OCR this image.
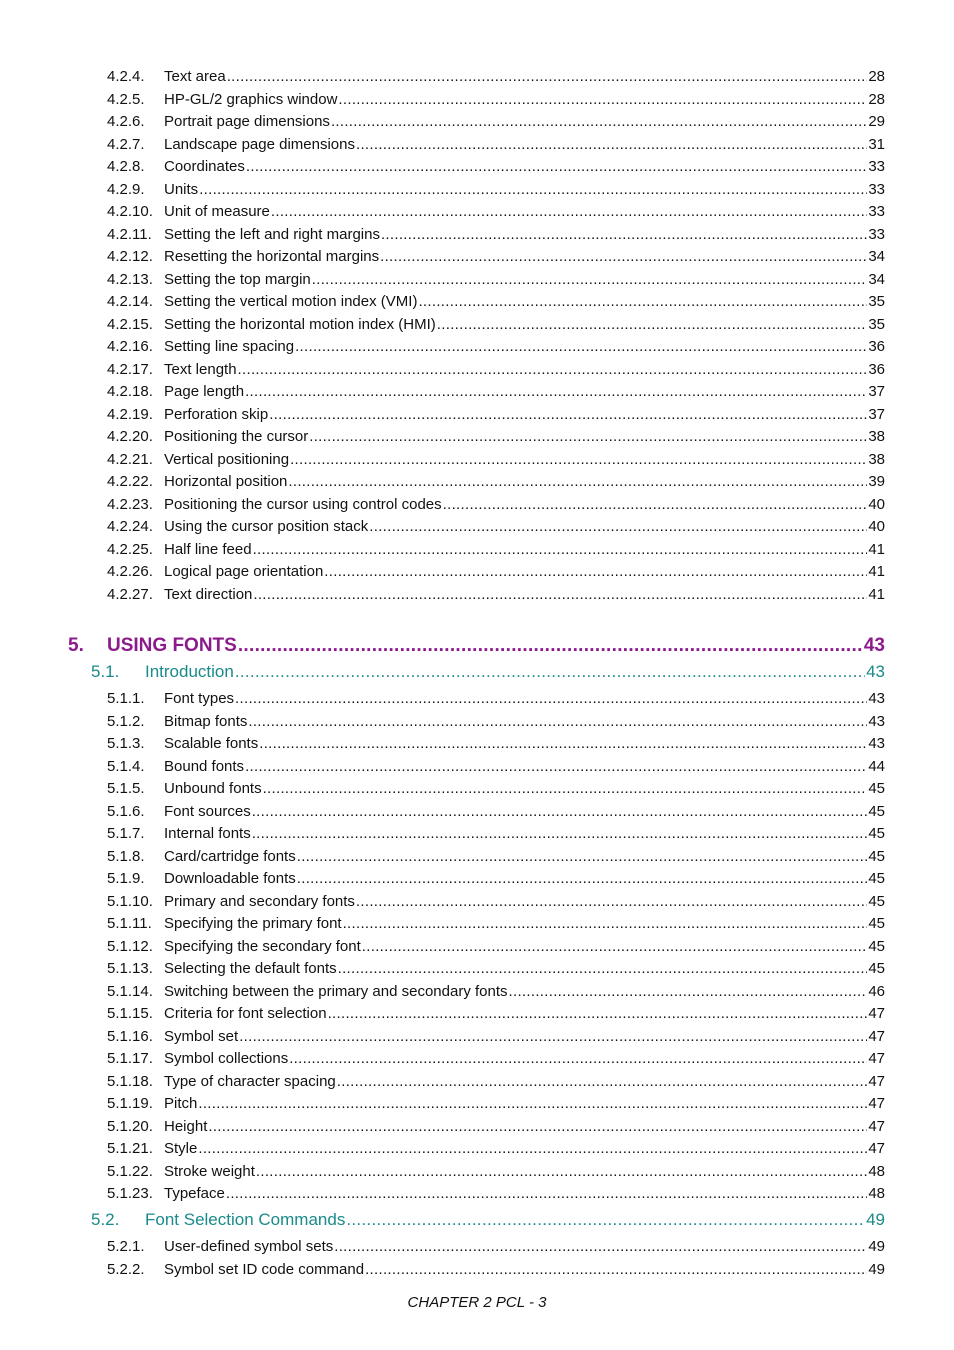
4.2.4.	Text area .....	28
4.2.5.	HP-GL/2 graphics window .....	28
4.2.6.	Portrait page dimensions .....	29
4.2.7.	Landscape page dimensions .....	31
4.2.8.	Coordinates .....	33
4.2.9.	Units .....	33
4.2.10. Unit of measure .....	33
4.2.11. Setting the left and right margins .....	33
4.2.12. Resetting the horizontal margins .....	34
4.2.13. Setting the top margin .....	34
4.2.14. Setting the vertical motion index (VMI) .....	35
4.2.15. Setting the horizontal motion index (HMI) .....	35
4.2.16. Setting line spacing .....	36
4.2.17. Text length .....	36
4.2.18. Page length .....	37
4.2.19. Perforation skip .....	37
4.2.20. Positioning the cursor .....	38
4.2.21. Vertical positioning .....	38
4.2.22. Horizontal position .....	39
4.2.23. Positioning the cursor using control codes .....	40
4.2.24. Using the cursor position stack .....	40
4.2.25. Half line feed .....	41
4.2.26. Logical page orientation .....	41
4.2.27. Text direction .....	41
5.	USING FONTS .....	43
5.1.	Introduction .....	43
5.1.1.	Font types .....	43
5.1.2.	Bitmap fonts .....	43
5.1.3.	Scalable fonts .....	43
5.1.4.	Bound fonts .....	44
5.1.5.	Unbound fonts .....	45
5.1.6.	Font sources .....	45
5.1.7.	Internal fonts .....	45
5.1.8.	Card/cartridge fonts .....	45
5.1.9.	Downloadable fonts .....	45
5.1.10. Primary and secondary fonts .....	45
5.1.11. Specifying the primary font .....	45
5.1.12. Specifying the secondary font .....	45
5.1.13. Selecting the default fonts .....	45
5.1.14. Switching between the primary and secondary fonts .....	46
5.1.15. Criteria for font selection .....	47
5.1.16. Symbol set .....	47
5.1.17. Symbol collections .....	47
5.1.18. Type of character spacing .....	47
5.1.19. Pitch .....	47
5.1.20. Height .....	47
5.1.21. Style .....	47
5.1.22. Stroke weight .....	48
5.1.23. Typeface .....	48
5.2.	Font Selection Commands .....	49
5.2.1.	User-defined symbol sets .....	49
5.2.2.	Symbol set ID code command .....	49
CHAPTER 2 PCL - 3
